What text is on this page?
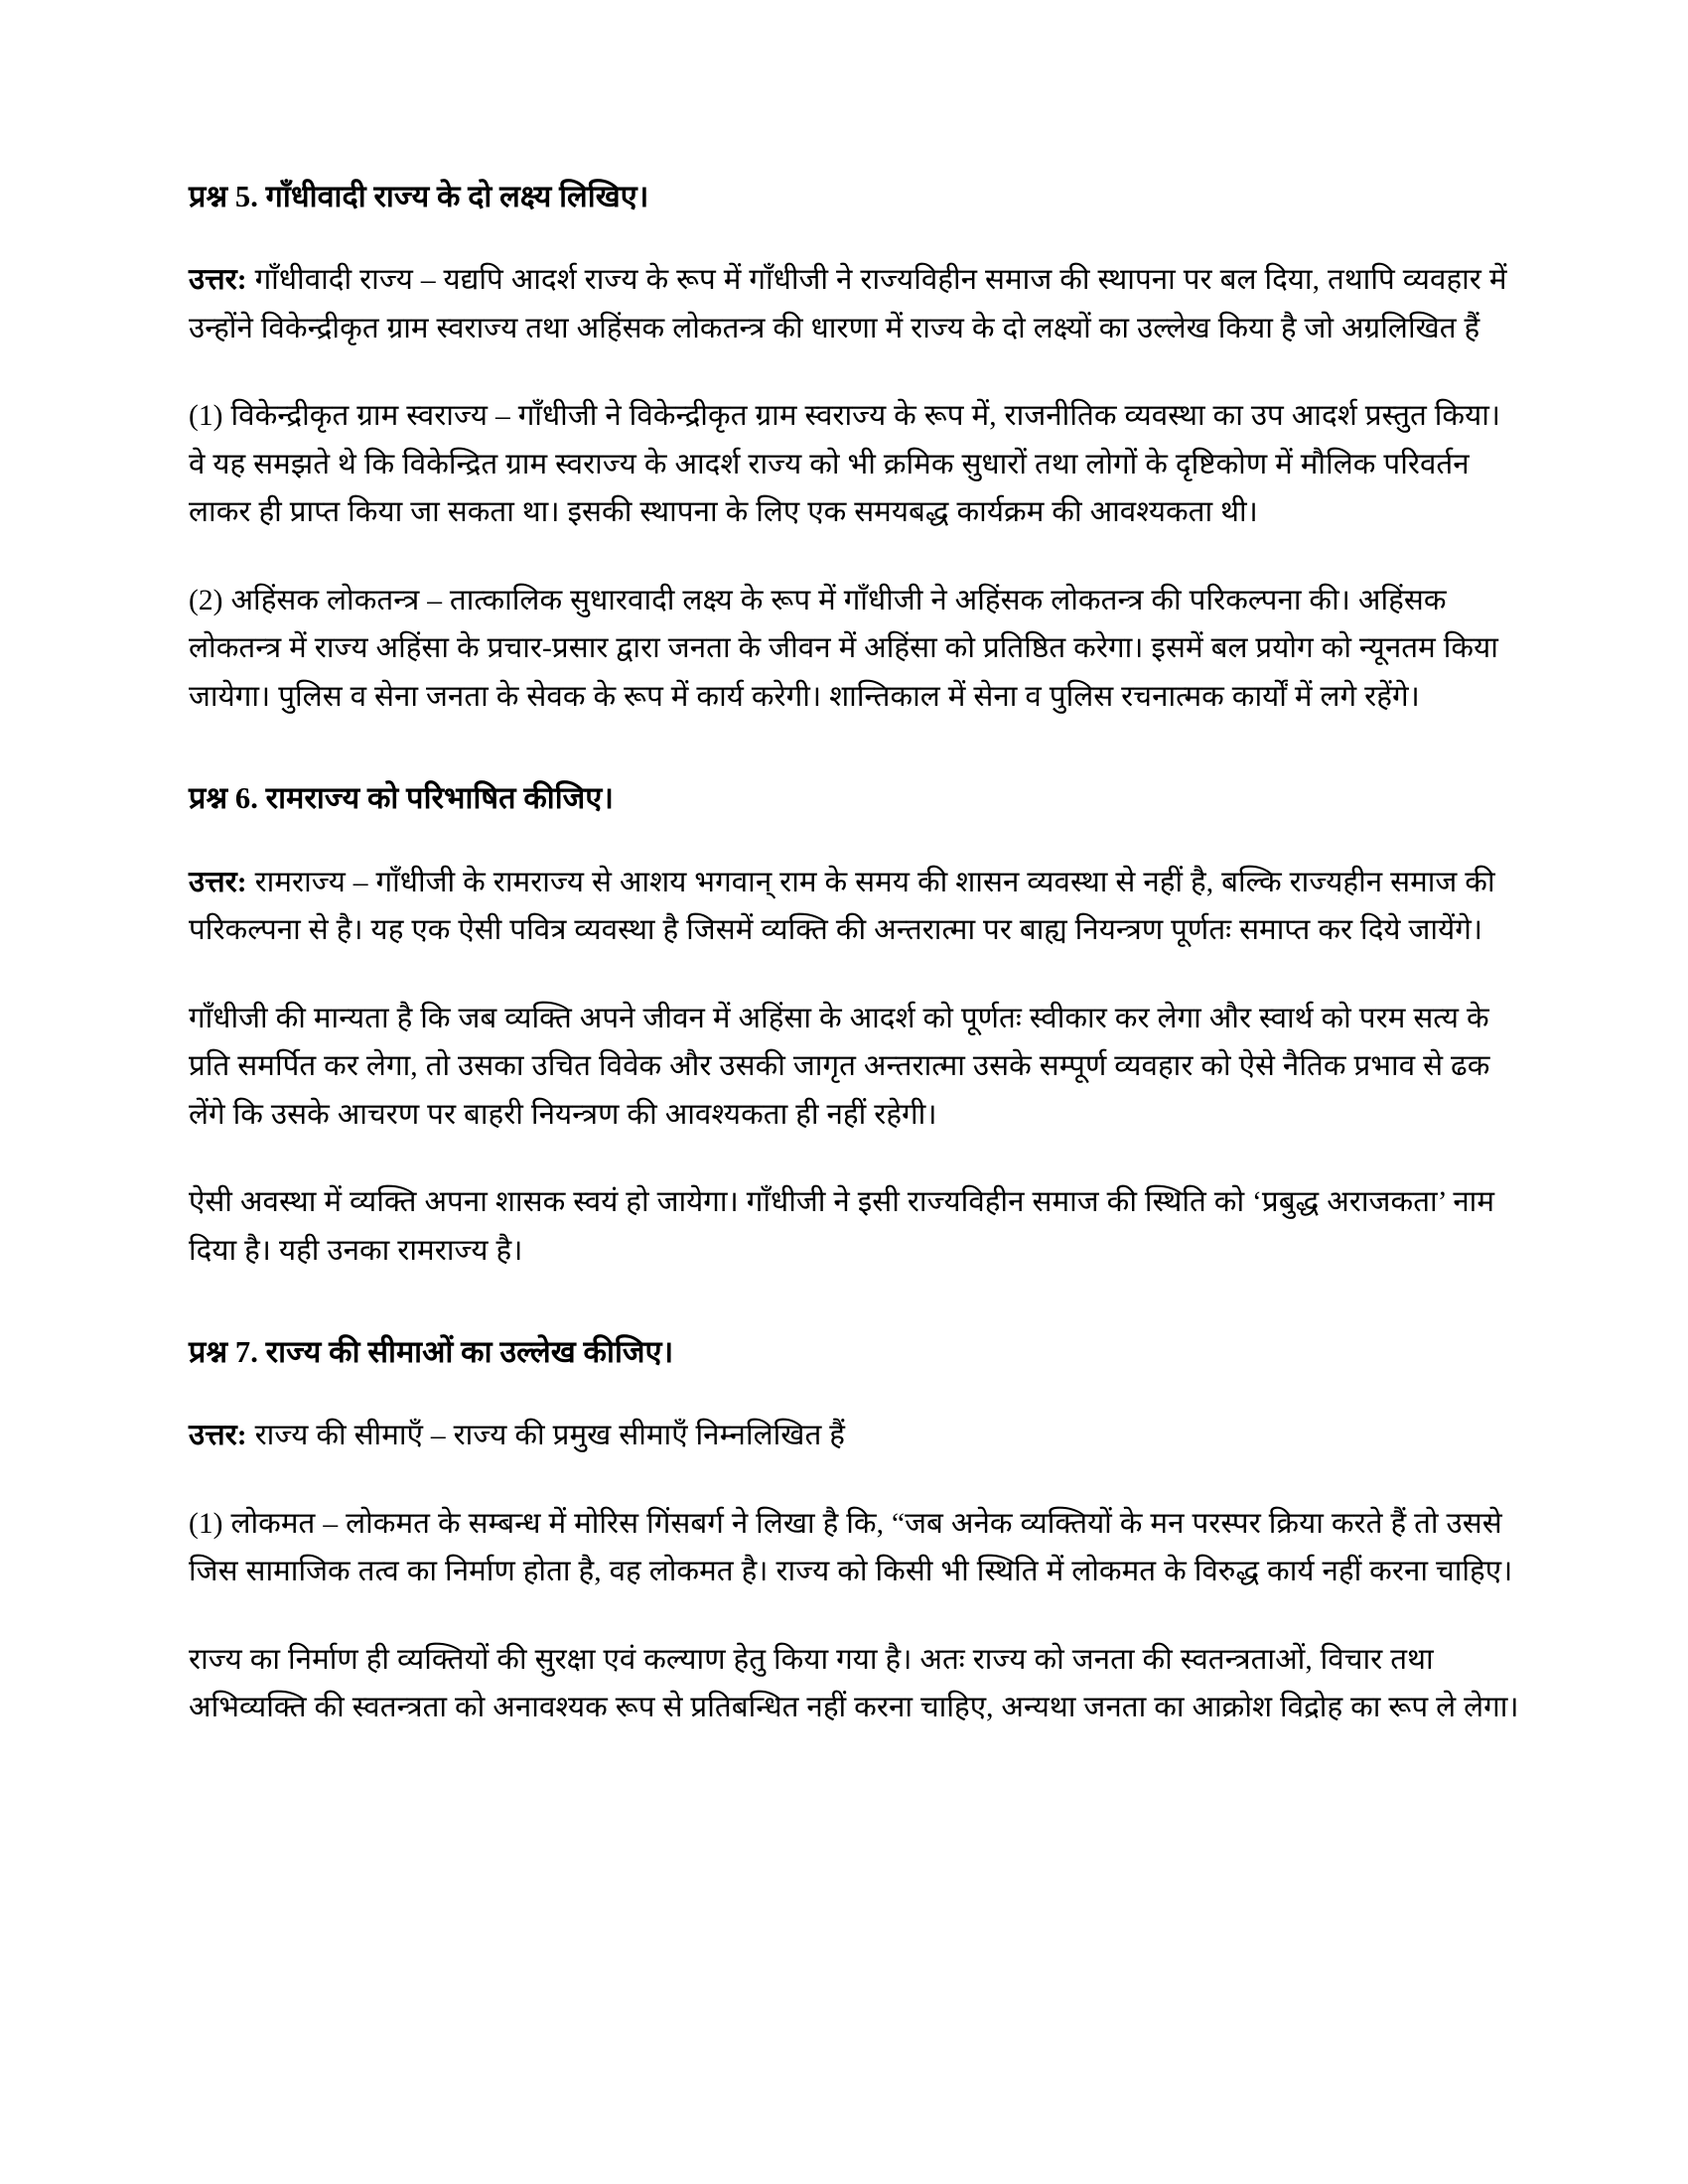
प्रश्न 5. गाँधीवादी राज्य के दो लक्ष्य लिखिए।

उत्तर: गाँधीवादी राज्य – यद्यपि आदर्श राज्य के रूप में गाँधीजी ने राज्यविहीन समाज की स्थापना पर बल दिया, तथापि व्यवहार में उन्होंने विकेन्द्रीकृत ग्राम स्वराज्य तथा अहिंसक लोकतन्त्र की धारणा में राज्य के दो लक्ष्यों का उल्लेख किया है जो अग्रलिखित हैं

(1) विकेन्द्रीकृत ग्राम स्वराज्य – गाँधीजी ने विकेन्द्रीकृत ग्राम स्वराज्य के रूप में, राजनीतिक व्यवस्था का उप आदर्श प्रस्तुत किया। वे यह समझते थे कि विकेन्द्रित ग्राम स्वराज्य के आदर्श राज्य को भी क्रमिक सुधारों तथा लोगों के दृष्टिकोण में मौलिक परिवर्तन लाकर ही प्राप्त किया जा सकता था। इसकी स्थापना के लिए एक समयबद्ध कार्यक्रम की आवश्यकता थी।

(2) अहिंसक लोकतन्त्र – तात्कालिक सुधारवादी लक्ष्य के रूप में गाँधीजी ने अहिंसक लोकतन्त्र की परिकल्पना की। अहिंसक लोकतन्त्र में राज्य अहिंसा के प्रचार-प्रसार द्वारा जनता के जीवन में अहिंसा को प्रतिष्ठित करेगा। इसमें बल प्रयोग को न्यूनतम किया जायेगा। पुलिस व सेना जनता के सेवक के रूप में कार्य करेगी। शान्तिकाल में सेना व पुलिस रचनात्मक कार्यों में लगे रहेंगे।

प्रश्न 6. रामराज्य को परिभाषित कीजिए।

उत्तर: रामराज्य – गाँधीजी के रामराज्य से आशय भगवान् राम के समय की शासन व्यवस्था से नहीं है, बल्कि राज्यहीन समाज की परिकल्पना से है। यह एक ऐसी पवित्र व्यवस्था है जिसमें व्यक्ति की अन्तरात्मा पर बाह्य नियन्त्रण पूर्णतः समाप्त कर दिये जायेंगे।

गाँधीजी की मान्यता है कि जब व्यक्ति अपने जीवन में अहिंसा के आदर्श को पूर्णतः स्वीकार कर लेगा और स्वार्थ को परम सत्य के प्रति समर्पित कर लेगा, तो उसका उचित विवेक और उसकी जागृत अन्तरात्मा उसके सम्पूर्ण व्यवहार को ऐसे नैतिक प्रभाव से ढक लेंगे कि उसके आचरण पर बाहरी नियन्त्रण की आवश्यकता ही नहीं रहेगी।

ऐसी अवस्था में व्यक्ति अपना शासक स्वयं हो जायेगा। गाँधीजी ने इसी राज्यविहीन समाज की स्थिति को ‘प्रबुद्ध अराजकता’ नाम दिया है। यही उनका रामराज्य है।

प्रश्न 7. राज्य की सीमाओं का उल्लेख कीजिए।

उत्तर: राज्य की सीमाएँ – राज्य की प्रमुख सीमाएँ निम्नलिखित हैं

(1) लोकमत – लोकमत के सम्बन्ध में मोरिस गिंसबर्ग ने लिखा है कि, “जब अनेक व्यक्तियों के मन परस्पर क्रिया करते हैं तो उससे जिस सामाजिक तत्व का निर्माण होता है, वह लोकमत है। राज्य को किसी भी स्थिति में लोकमत के विरुद्ध कार्य नहीं करना चाहिए।

राज्य का निर्माण ही व्यक्तियों की सुरक्षा एवं कल्याण हेतु किया गया है। अतः राज्य को जनता की स्वतन्त्रताओं, विचार तथा अभिव्यक्ति की स्वतन्त्रता को अनावश्यक रूप से प्रतिबन्धित नहीं करना चाहिए, अन्यथा जनता का आक्रोश विद्रोह का रूप ले लेगा।
